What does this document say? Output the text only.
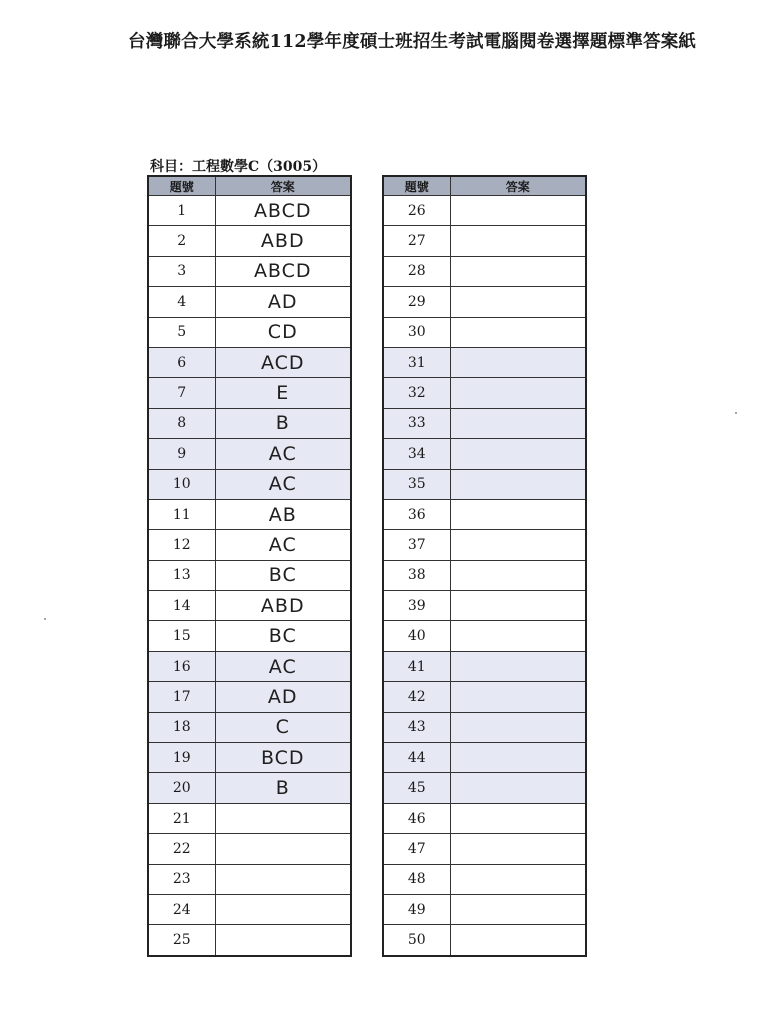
台灣聯合大學系統112學年度碩士班招生考試電腦閱卷選擇題標準答案紙
科目：工程數學C（3005）
題號	答案
1	ABCD
2	ABD
3	ABCD
4	AD
5	CD
6	ACD
7	E
8	B
9	AC
10	AC
11	AB
12	AC
13	BC
14	ABD
15	BC
16	AC
17	AD
18	C
19	BCD
20	B
21	
22	
23	
24	
25	
題號	答案
26	
27	
28	
29	
30	
31	
32	
33	
34	
35	
36	
37	
38	
39	
40	
41	
42	
43	
44	
45	
46	
47	
48	
49	
50	
